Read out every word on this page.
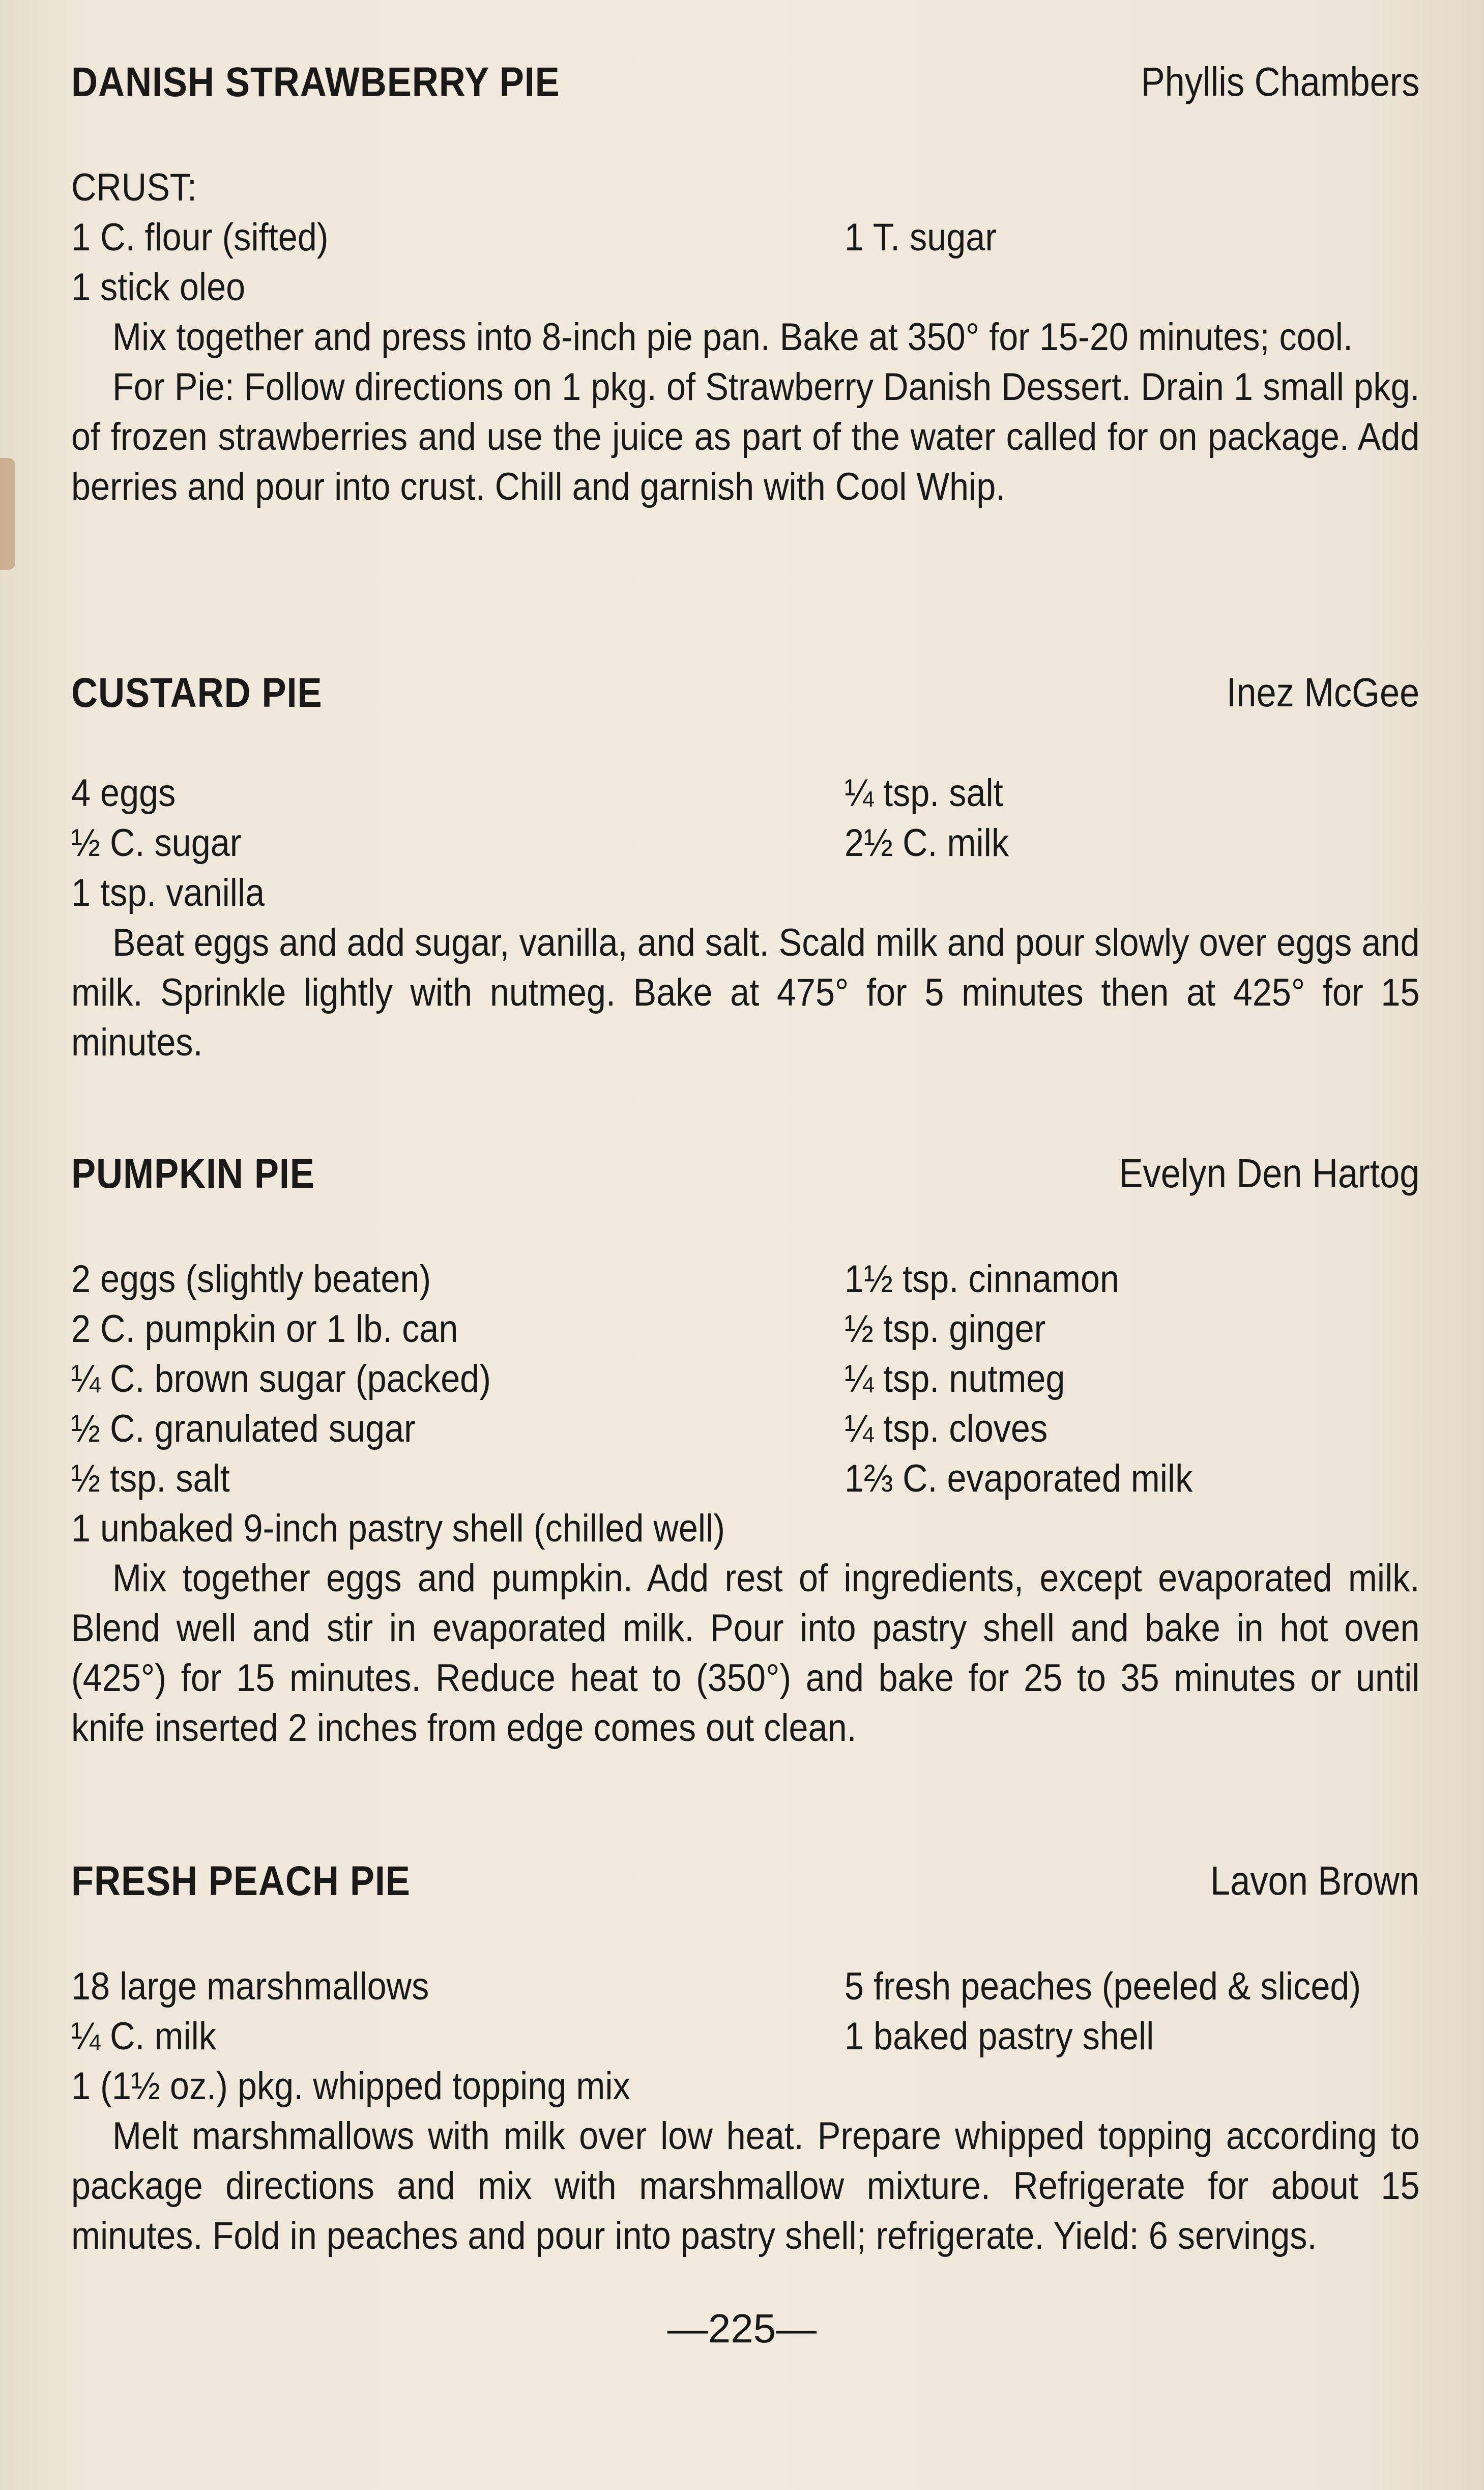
DANISH STRAWBERRY PIE	Phyllis Chambers
CRUST:
1 C. flour (sifted)	1 T. sugar
1 stick oleo

Mix together and press into 8-inch pie pan. Bake at 350° for 15-20 minutes; cool.

For Pie: Follow directions on 1 pkg. of Strawberry Danish Dessert. Drain 1 small pkg. of frozen strawberries and use the juice as part of the water called for on package. Add berries and pour into crust. Chill and garnish with Cool Whip.

CUSTARD PIE	Inez McGee
4 eggs	¼ tsp. salt
½ C. sugar	2½ C. milk
1 tsp. vanilla

Beat eggs and add sugar, vanilla, and salt. Scald milk and pour slowly over eggs and milk. Sprinkle lightly with nutmeg. Bake at 475° for 5 minutes then at 425° for 15 minutes.

PUMPKIN PIE	Evelyn Den Hartog
2 eggs (slightly beaten)	1½ tsp. cinnamon
2 C. pumpkin or 1 lb. can	½ tsp. ginger
¼ C. brown sugar (packed)	¼ tsp. nutmeg
½ C. granulated sugar	¼ tsp. cloves
½ tsp. salt	1⅔ C. evaporated milk
1 unbaked 9-inch pastry shell (chilled well)

Mix together eggs and pumpkin. Add rest of ingredients, except evaporated milk. Blend well and stir in evaporated milk. Pour into pastry shell and bake in hot oven (425°) for 15 minutes. Reduce heat to (350°) and bake for 25 to 35 minutes or until knife inserted 2 inches from edge comes out clean.

FRESH PEACH PIE	Lavon Brown
18 large marshmallows	5 fresh peaches (peeled & sliced)
¼ C. milk	1 baked pastry shell
1 (1½ oz.) pkg. whipped topping mix

Melt marshmallows with milk over low heat. Prepare whipped topping according to package directions and mix with marshmallow mixture. Refrigerate for about 15 minutes. Fold in peaches and pour into pastry shell; refrigerate. Yield: 6 servings.

—225—
